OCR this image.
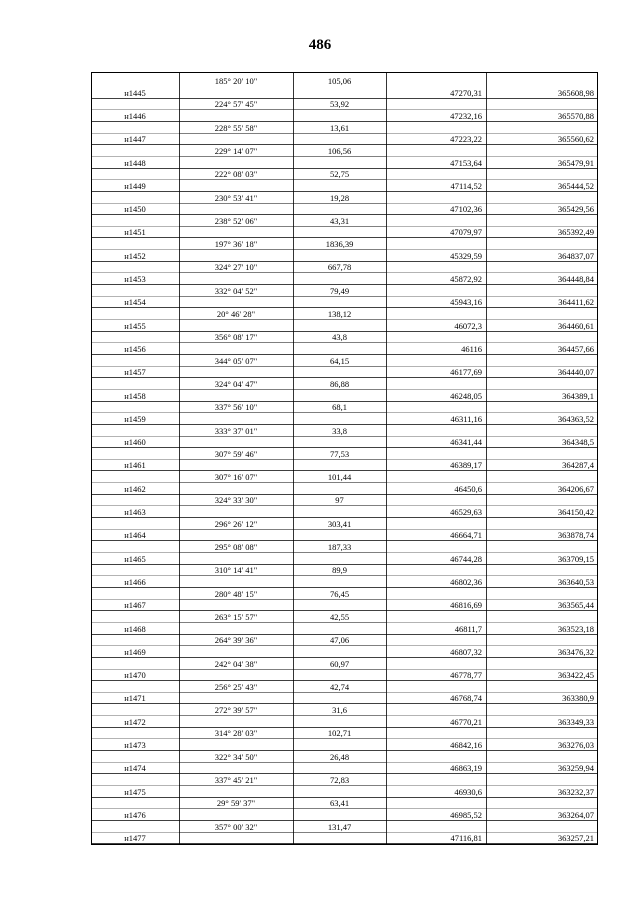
486
185° 20' 10"	105,06
н1445	47270,31	365608,98
224° 57' 45"	53,92
н1446	47232,16	365570,88
228° 55' 58"	13,61
н1447	47223,22	365560,62
229° 14' 07"	106,56
н1448	47153,64	365479,91
222° 08' 03"	52,75
н1449	47114,52	365444,52
230° 53' 41"	19,28
н1450	47102,36	365429,56
238° 52' 06"	43,31
н1451	47079,97	365392,49
197° 36' 18"	1836,39
н1452	45329,59	364837,07
324° 27' 10"	667,78
н1453	45872,92	364448,84
332° 04' 52"	79,49
н1454	45943,16	364411,62
20° 46' 28"	138,12
н1455	46072,3	364460,61
356° 08' 17"	43,8
н1456	46116	364457,66
344° 05' 07"	64,15
н1457	46177,69	364440,07
324° 04' 47"	86,88
н1458	46248,05	364389,1
337° 56' 10"	68,1
н1459	46311,16	364363,52
333° 37' 01"	33,8
н1460	46341,44	364348,5
307° 59' 46"	77,53
н1461	46389,17	364287,4
307° 16' 07"	101,44
н1462	46450,6	364206,67
324° 33' 30"	97
н1463	46529,63	364150,42
296° 26' 12"	303,41
н1464	46664,71	363878,74
295° 08' 08"	187,33
н1465	46744,28	363709,15
310° 14' 41"	89,9
н1466	46802,36	363640,53
280° 48' 15"	76,45
н1467	46816,69	363565,44
263° 15' 57"	42,55
н1468	46811,7	363523,18
264° 39' 36"	47,06
н1469	46807,32	363476,32
242° 04' 38"	60,97
н1470	46778,77	363422,45
256° 25' 43"	42,74
н1471	46768,74	363380,9
272° 39' 57"	31,6
н1472	46770,21	363349,33
314° 28' 03"	102,71
н1473	46842,16	363276,03
322° 34' 50"	26,48
н1474	46863,19	363259,94
337° 45' 21"	72,83
н1475	46930,6	363232,37
29° 59' 37"	63,41
н1476	46985,52	363264,07
357° 00' 32"	131,47
н1477	47116,81	363257,21
